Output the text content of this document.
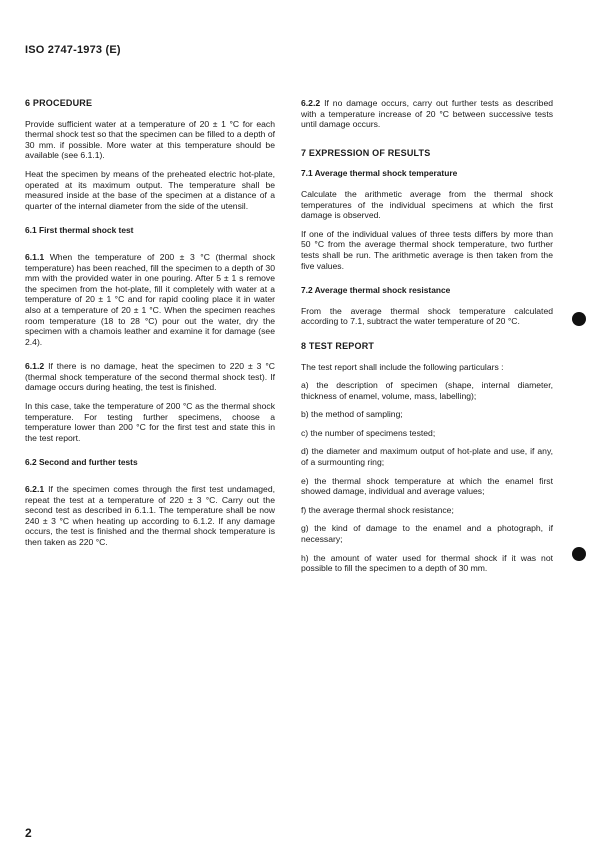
ISO 2747-1973 (E)
6 PROCEDURE

Provide sufficient water at a temperature of 20 ± 1 °C for each thermal shock test so that the specimen can be filled to a depth of 30 mm. if possible. More water at this temperature should be available (see 6.1.1).

Heat the specimen by means of the preheated electric hot-plate, operated at its maximum output. The temperature shall be measured inside at the base of the specimen at a distance of a quarter of the internal diameter from the side of the utensil.

6.1 First thermal shock test

6.1.1 When the temperature of 200 ± 3 °C (thermal shock temperature) has been reached, fill the specimen to a depth of 30 mm with the provided water in one pouring. After 5 ± 1 s remove the specimen from the hot-plate, fill it completely with water at a temperature of 20 ± 1 °C and for rapid cooling place it in water also at a temperature of 20 ± 1 °C. When the specimen reaches room temperature (18 to 28 °C) pour out the water, dry the specimen with a chamois leather and examine it for damage (see 2.4).

6.1.2 If there is no damage, heat the specimen to 220 ± 3 °C (thermal shock temperature of the second thermal shock test). If damage occurs during heating, the test is finished.

In this case, take the temperature of 200 °C as the thermal shock temperature. For testing further specimens, choose a temperature lower than 200 °C for the first test and state this in the test report.

6.2 Second and further tests

6.2.1 If the specimen comes through the first test undamaged, repeat the test at a temperature of 220 ± 3 °C. Carry out the second test as described in 6.1.1. The temperature shall be now 240 ± 3 °C when heating up according to 6.1.2. If any damage occurs, the test is finished and the thermal shock temperature is then taken as 220 °C.

6.2.2 If no damage occurs, carry out further tests as described with a temperature increase of 20 °C between successive tests until damage occurs.

7 EXPRESSION OF RESULTS
7.1 Average thermal shock temperature

Calculate the arithmetic average from the thermal shock temperatures of the individual specimens at which the first damage is observed.

If one of the individual values of three tests differs by more than 50 °C from the average thermal shock temperature, two further tests shall be run. The arithmetic average is then taken from the five values.

7.2 Average thermal shock resistance

From the average thermal shock temperature calculated according to 7.1, subtract the water temperature of 20 °C.

8 TEST REPORT

The test report shall include the following particulars :

a) the description of specimen (shape, internal diameter, thickness of enamel, volume, mass, labelling);

b) the method of sampling;

c) the number of specimens tested;

d) the diameter and maximum output of hot-plate and use, if any, of a surmounting ring;

e) the thermal shock temperature at which the enamel first showed damage, individual and average values;

f) the average thermal shock resistance;

g) the kind of damage to the enamel and a photograph, if necessary;

h) the amount of water used for thermal shock if it was not possible to fill the specimen to a depth of 30 mm.

2
